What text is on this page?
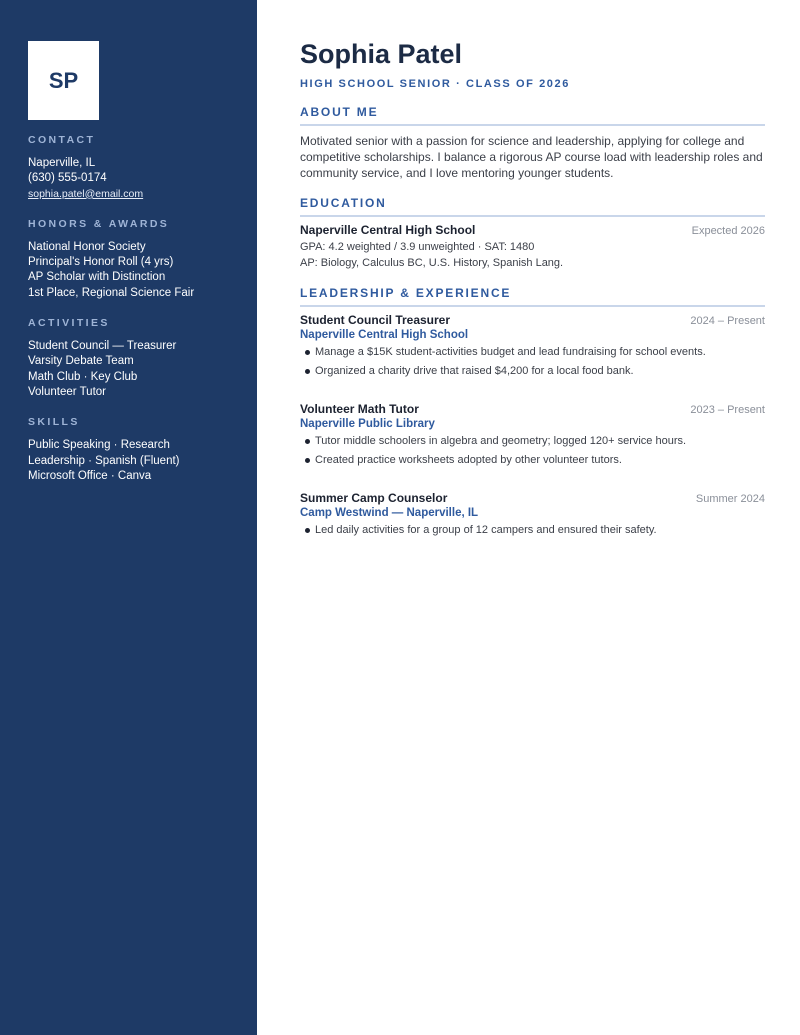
SP
CONTACT
Naperville, IL
(630) 555-0174
sophia.patel@email.com
HONORS & AWARDS
National Honor Society
Principal's Honor Roll (4 yrs)
AP Scholar with Distinction
1st Place, Regional Science Fair
ACTIVITIES
Student Council — Treasurer
Varsity Debate Team
Math Club · Key Club
Volunteer Tutor
SKILLS
Public Speaking · Research
Leadership · Spanish (Fluent)
Microsoft Office · Canva
Sophia Patel
HIGH SCHOOL SENIOR · CLASS OF 2026
ABOUT ME

Motivated senior with a passion for science and leadership, applying for college and competitive scholarships. I balance a rigorous AP course load with leadership roles and community service, and I love mentoring younger students.

EDUCATION
Naperville Central High School	Expected 2026
GPA: 4.2 weighted / 3.9 unweighted · SAT: 1480
AP: Biology, Calculus BC, U.S. History, Spanish Lang.
LEADERSHIP & EXPERIENCE
Student Council Treasurer	2024 – Present
Naperville Central High School
Manage a $15K student-activities budget and lead fundraising for school events.
Organized a charity drive that raised $4,200 for a local food bank.
Volunteer Math Tutor	2023 – Present
Naperville Public Library
Tutor middle schoolers in algebra and geometry; logged 120+ service hours.
Created practice worksheets adopted by other volunteer tutors.
Summer Camp Counselor	Summer 2024
Camp Westwind — Naperville, IL
Led daily activities for a group of 12 campers and ensured their safety.
